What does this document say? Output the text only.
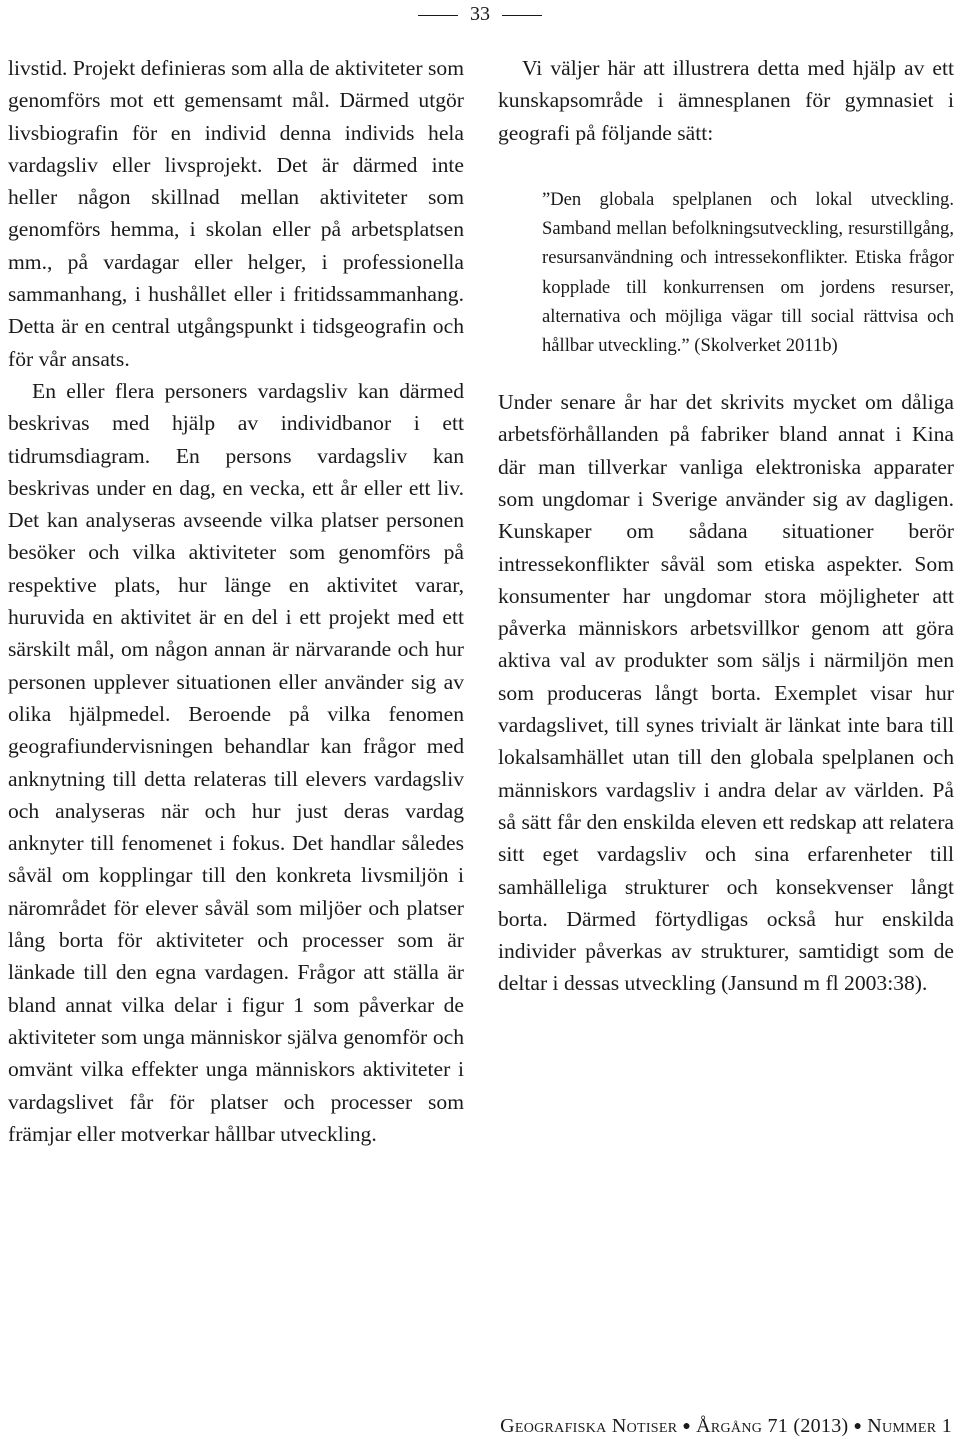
33

livstid. Projekt definieras som alla de aktiviteter som genomförs mot ett gemensamt mål. Därmed utgör livsbiografin för en individ denna individs hela vardagsliv eller livsprojekt. Det är därmed inte heller någon skillnad mellan aktiviteter som genomförs hemma, i skolan eller på arbetsplatsen mm., på vardagar eller helger, i professionella sammanhang, i hushållet eller i fritidssammanhang. Detta är en central utgångspunkt i tidsgeografin och för vår ansats.

En eller flera personers vardagsliv kan därmed beskrivas med hjälp av individbanor i ett tidrumsdiagram. En persons vardagsliv kan beskrivas under en dag, en vecka, ett år eller ett liv. Det kan analyseras avseende vilka platser personen besöker och vilka aktiviteter som genomförs på respektive plats, hur länge en aktivitet varar, huruvida en aktivitet är en del i ett projekt med ett särskilt mål, om någon annan är närvarande och hur personen upplever situationen eller använder sig av olika hjälpmedel. Beroende på vilka fenomen geografiundervisningen behandlar kan frågor med anknytning till detta relateras till elevers vardagsliv och analyseras när och hur just deras vardag anknyter till fenomenet i fokus. Det handlar således såväl om kopplingar till den konkreta livsmiljön i närområdet för elever såväl som miljöer och platser lång borta för aktiviteter och processer som är länkade till den egna vardagen. Frågor att ställa är bland annat vilka delar i figur 1 som påverkar de aktiviteter som unga människor själva genomför och omvänt vilka effekter unga människors aktiviteter i vardagslivet får för platser och processer som främjar eller motverkar hållbar utveckling.

Vi väljer här att illustrera detta med hjälp av ett kunskapsområde i ämnesplanen för gymnasiet i geografi på följande sätt:

”Den globala spelplanen och lokal utveckling. Samband mellan befolkningsutveckling, resurstillgång, resursanvändning och intressekonflikter. Etiska frågor kopplade till konkurrensen om jordens resurser, alternativa och möjliga vägar till social rättvisa och hållbar utveckling.” (Skolverket 2011b)

Under senare år har det skrivits mycket om dåliga arbetsförhållanden på fabriker bland annat i Kina där man tillverkar vanliga elektroniska apparater som ungdomar i Sverige använder sig av dagligen. Kunskaper om sådana situationer berör intressekonflikter såväl som etiska aspekter. Som konsumenter har ungdomar stora möjligheter att påverka människors arbetsvillkor genom att göra aktiva val av produkter som säljs i närmiljön men som produceras långt borta. Exemplet visar hur vardagslivet, till synes trivialt är länkat inte bara till lokalsamhället utan till den globala spelplanen och människors vardagsliv i andra delar av världen. På så sätt får den enskilda eleven ett redskap att relatera sitt eget vardagsliv och sina erfarenheter till samhälleliga strukturer och konsekvenser långt borta. Därmed förtydligas också hur enskilda individer påverkas av strukturer, samtidigt som de deltar i dessas utveckling (Jansund m fl 2003:38).

Geografiska Notiser ● Årgång 71 (2013) ● Nummer 1
